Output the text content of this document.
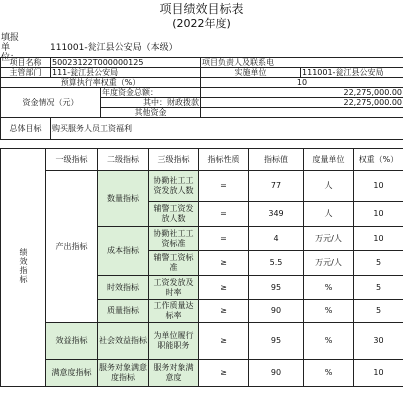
项目绩效目标表
(2022年度)
填报单位：
111001-瓮江县公安局（本级）
项目名称	50023122T000000125		项目负责人及联系电	
主管部门	111-瓮江县公安局		实施单位	111001-瓮江县公安局
预算执行率权重（%）			10	
资金情况（元）		年度资金总额：	22,275,000.00	
		其中：财政拨款	22,275,000.00	
		其他资金		
总体目标	购买服务人员工资福利			
绩效指标	一级指标	二级指标	三级指标	指标性质	指标值	度量单位	权重（%）
	产出指标	数量指标	协勤社工工资发放人数	=	77	人	10
			辅警工资发放人数	=	349	人	10
		成本指标	协勤社工工资标准	=	4	万元/人	10
			辅警工资标准	≥	5.5	万元/人	5
		时效指标	工资发放及时率	≥	95	%	5
		质量指标	工作质量达标率	≥	90	%	5
	效益指标	社会效益指标	为单位履行职能职务	≥	95	%	30
	满意度指标	服务对象满意度指标	服务对象满意度	≥	90	%	10
